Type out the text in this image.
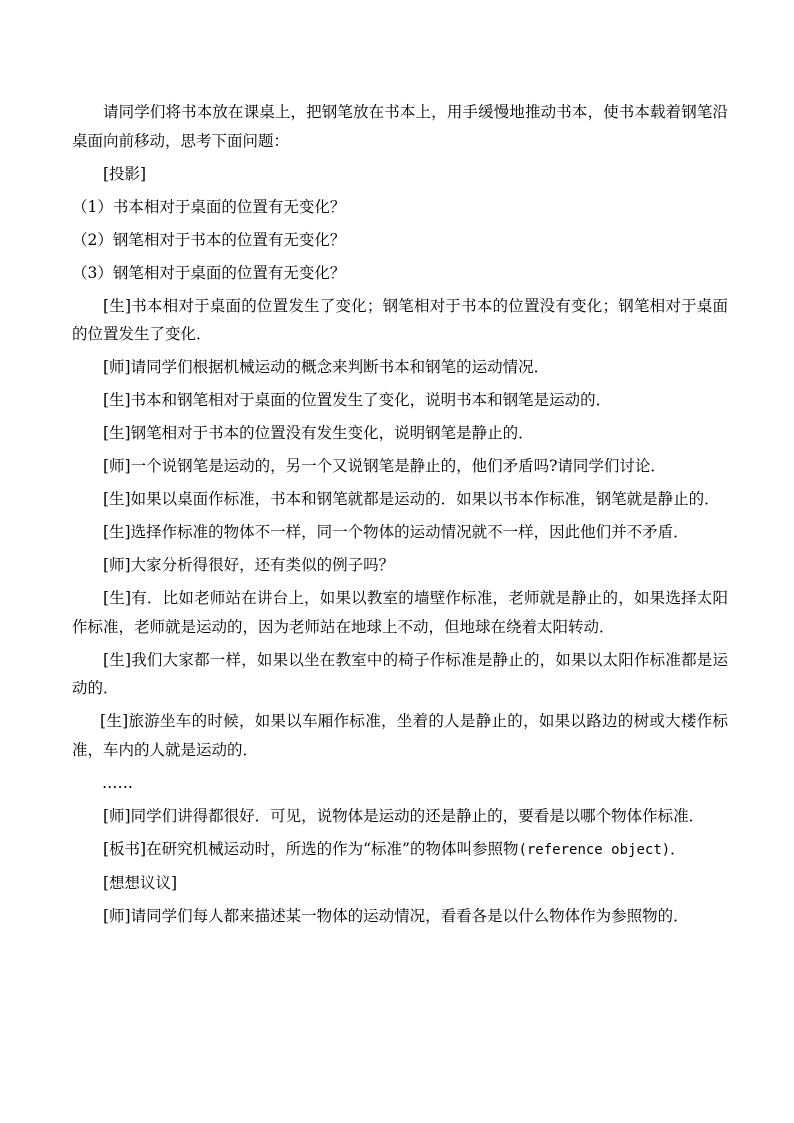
请同学们将书本放在课桌上，把钢笔放在书本上，用手缓慢地推动书本，使书本载着钢笔沿桌面向前移动，思考下面问题：

[投影]

（1）书本相对于桌面的位置有无变化？

（2）钢笔相对于书本的位置有无变化？

（3）钢笔相对于桌面的位置有无变化？

[生]书本相对于桌面的位置发生了变化；钢笔相对于书本的位置没有变化；钢笔相对于桌面的位置发生了变化．

[师]请同学们根据机械运动的概念来判断书本和钢笔的运动情况．

[生]书本和钢笔相对于桌面的位置发生了变化，说明书本和钢笔是运动的．

[生]钢笔相对于书本的位置没有发生变化，说明钢笔是静止的．

[师]一个说钢笔是运动的，另一个又说钢笔是静止的，他们矛盾吗?请同学们讨论．

[生]如果以桌面作标准，书本和钢笔就都是运动的．如果以书本作标准，钢笔就是静止的．

[生]选择作标准的物体不一样，同一个物体的运动情况就不一样，因此他们并不矛盾．

[师]大家分析得很好，还有类似的例子吗？

[生]有．比如老师站在讲台上，如果以教室的墙壁作标准，老师就是静止的，如果选择太阳作标准，老师就是运动的，因为老师站在地球上不动，但地球在绕着太阳转动．

[生]我们大家都一样，如果以坐在教室中的椅子作标准是静止的，如果以太阳作标准都是运动的．

[生]旅游坐车的时候，如果以车厢作标准，坐着的人是静止的，如果以路边的树或大楼作标准，车内的人就是运动的．

……

[师]同学们讲得都很好．可见，说物体是运动的还是静止的，要看是以哪个物体作标准．

[板书]在研究机械运动时，所选的作为“标准”的物体叫参照物(reference object)．

[想想议议]

[师]请同学们每人都来描述某一物体的运动情况，看看各是以什么物体作为参照物的．
